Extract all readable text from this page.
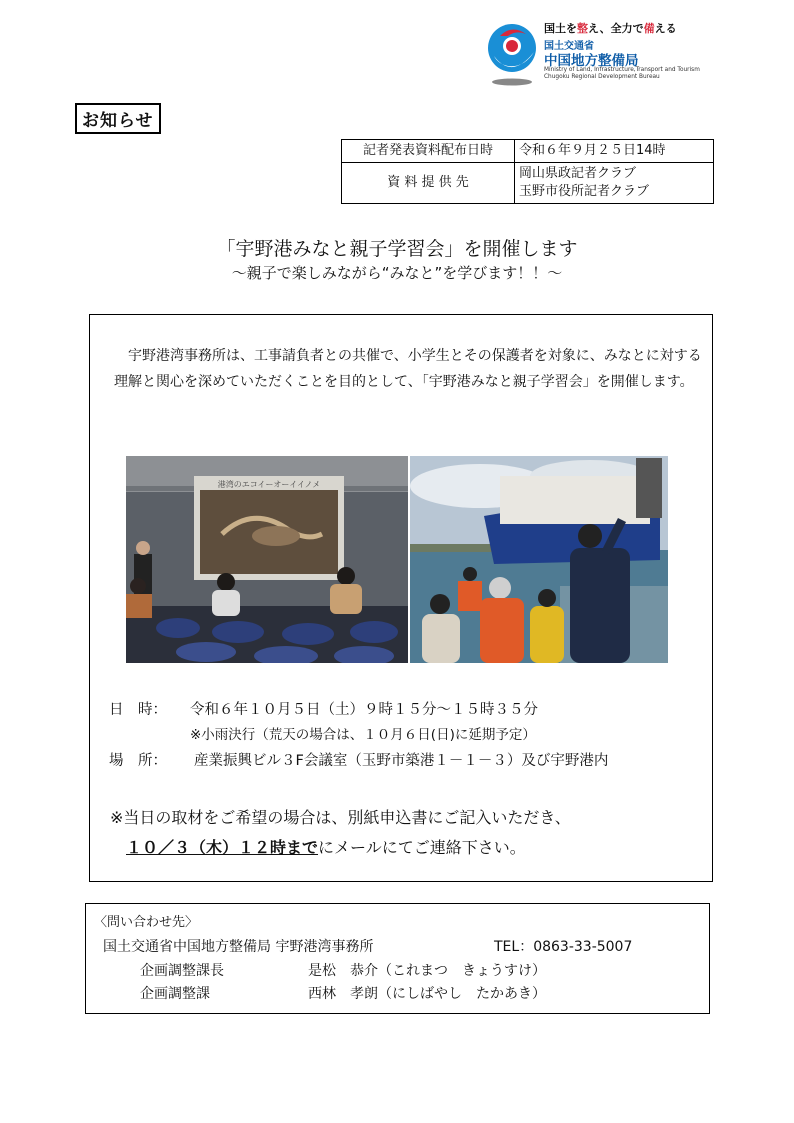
国土を整え、全力で備える
国土交通省
中国地方整備局
Ministry of Land, Infrastructure,Transport and Tourism
Chugoku Regional Development Bureau
お知らせ
記者発表資料配布日時	令和６年９月２５日14時
資 料 提 供 先	岡山県政記者クラブ
玉野市役所記者クラブ
「宇野港みなと親子学習会」を開催します
～親子で楽しみながら“みなと”を学びます！！～
宇野港湾事務所は、工事請負者との共催で、小学生とその保護者を対象に、みなとに対する理解と関心を深めていただくことを目的として、「宇野港みなと親子学習会」を開催します。
港湾のエコイーオーイイノメ
日　時： 令和６年１０月５日（土）９時１５分～１５時３５分
※小雨決行（荒天の場合は、１０月６日(日)に延期予定）
場　所： 産業振興ビル３F会議室（玉野市築港１－１－３）及び宇野港内
※当日の取材をご希望の場合は、別紙申込書にご記入いただき、
１０／３（木）１２時までにメールにてご連絡下さい。
〈問い合わせ先〉
国土交通省中国地方整備局 宇野港湾事務所	TEL：0863-33-5007
企画調整課長	是松　恭介（これまつ　きょうすけ）
企画調整課	西林　孝朗（にしばやし　たかあき）
